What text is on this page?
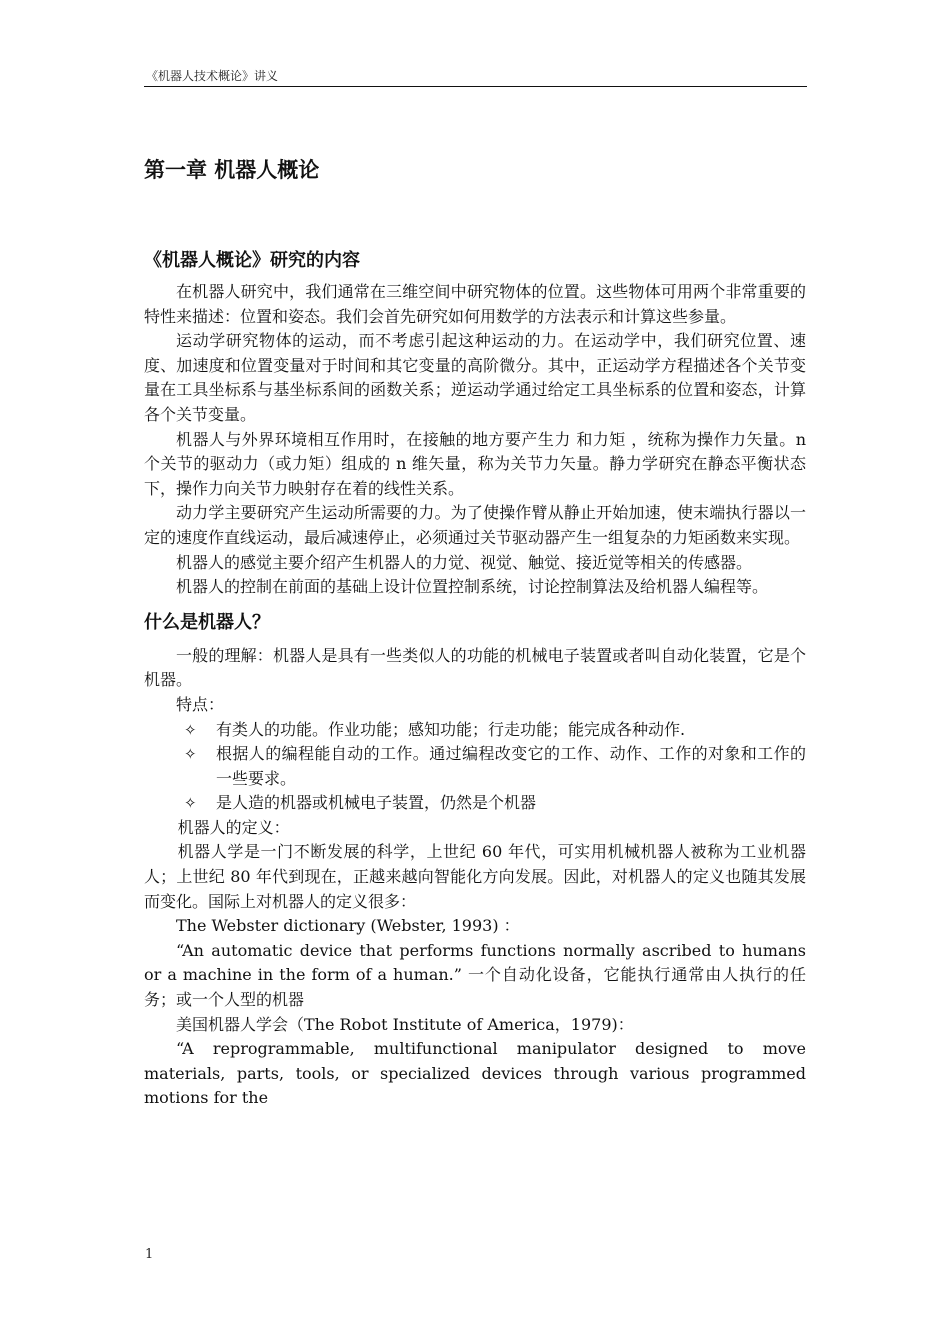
《机器人技术概论》讲义
第一章 机器人概论
《机器人概论》研究的内容

在机器人研究中，我们通常在三维空间中研究物体的位置。这些物体可用两个非常重要的特性来描述：位置和姿态。我们会首先研究如何用数学的方法表示和计算这些参量。

运动学研究物体的运动，而不考虑引起这种运动的力。在运动学中，我们研究位置、速度、加速度和位置变量对于时间和其它变量的高阶微分。其中，正运动学方程描述各个关节变量在工具坐标系与基坐标系间的函数关系；逆运动学通过给定工具坐标系的位置和姿态，计算各个关节变量。

机器人与外界环境相互作用时，在接触的地方要产生力 和力矩 ，统称为操作力矢量。n 个关节的驱动力（或力矩）组成的 n 维矢量，称为关节力矢量。静力学研究在静态平衡状态下，操作力向关节力映射存在着的线性关系。

动力学主要研究产生运动所需要的力。为了使操作臂从静止开始加速，使末端执行器以一定的速度作直线运动，最后减速停止，必须通过关节驱动器产生一组复杂的力矩函数来实现。

机器人的感觉主要介绍产生机器人的力觉、视觉、触觉、接近觉等相关的传感器。

机器人的控制在前面的基础上设计位置控制系统，讨论控制算法及给机器人编程等。

什么是机器人？

一般的理解：机器人是具有一些类似人的功能的机械电子装置或者叫自动化装置，它是个机器。

特点：

✧ 有类人的功能。作业功能；感知功能；行走功能；能完成各种动作.
✧ 根据人的编程能自动的工作。通过编程改变它的工作、动作、工作的对象和工作的一些要求。
✧ 是人造的机器或机械电子装置，仍然是个机器

机器人的定义：

机器人学是一门不断发展的科学，上世纪 60 年代，可实用机械机器人被称为工业机器人；上世纪 80 年代到现在，正越来越向智能化方向发展。因此，对机器人的定义也随其发展而变化。国际上对机器人的定义很多：

The Webster dictionary (Webster, 1993) ：

“An automatic device that performs functions normally ascribed to humans or a machine in the form of a human.” 一个自动化设备，它能执行通常由人执行的任务；或一个人型的机器

美国机器人学会（The Robot Institute of America，1979)：

“A reprogrammable, multifunctional manipulator designed to move materials, parts, tools, or specialized devices through various programmed motions for the

1
